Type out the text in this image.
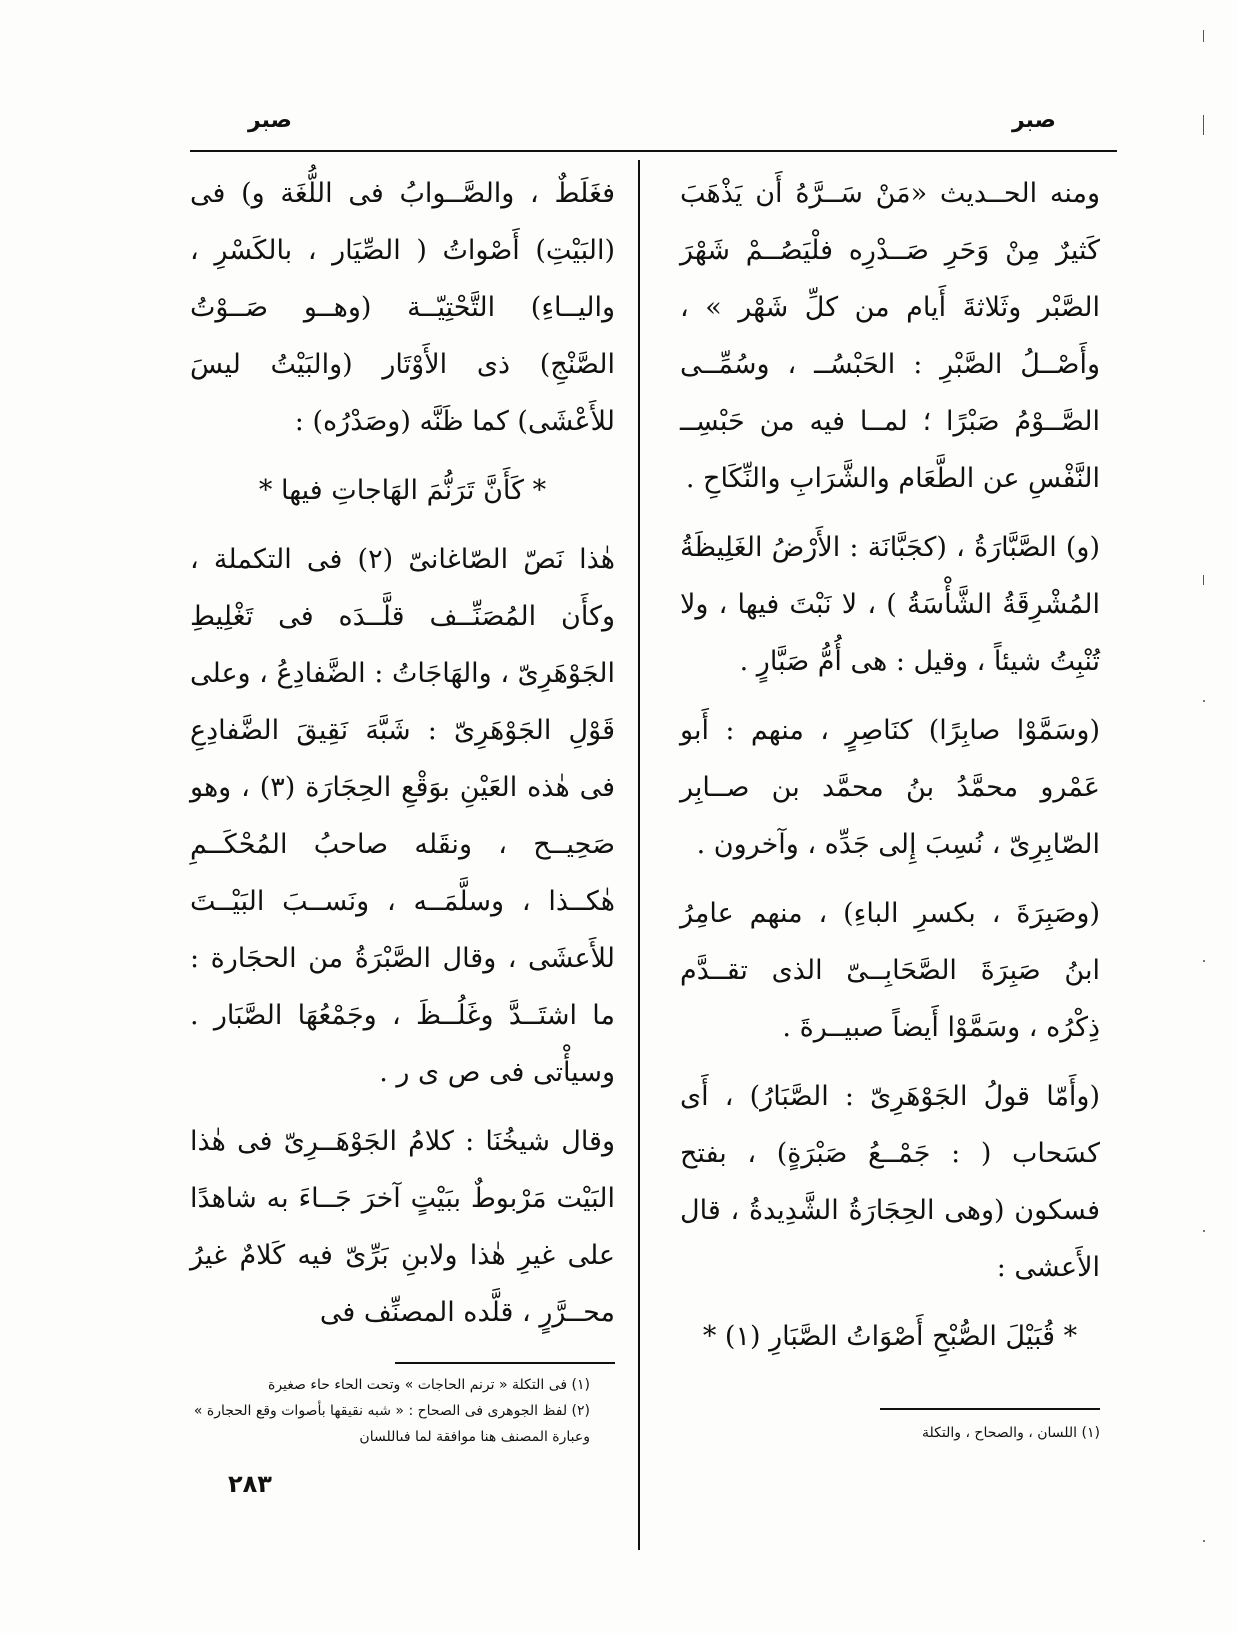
صبر
صبر

ومنه الحــديث «مَنْ سَــرَّهُ أَن يَذْهَبَ كَثيرٌ مِنْ وَحَرِ صَــدْرِه فلْيَصُــمْ شَهْرَ الصَّبْر وثَلاثةَ أَيام من كلِّ شَهْر » ، وأَصْــلُ الصَّبْرِ : الحَبْسُــ ، وسُمِّــى الصَّــوْمُ صَبْرًا ؛ لمــا فيه من حَبْسِــ النَّفْسِ عن الطَّعَام والشَّرَابِ والنِّكَاحِ .

(و) الصَّبَّارَةُ ، (كجَبَّانَة : الأَرْضُ الغَلِيظَةُ المُشْرِقَةُ الشَّأْسَةُ ) ، لا نَبْتَ فيها ، ولا تُنْبِتُ شيئاً ، وقيل : هى أُمُّ صَبَّارٍ .

(وسَمَّوْا صابِرًا) كنَاصِرٍ ، منهم : أَبو عَمْرو محمَّدُ بنُ محمَّد بن صــابِر الصّابِرِىّ ، نُسِبَ إِلى جَدِّه ، وآخرون .

(وصَبِرَةَ ، بكسرِ الباءِ) ، منهم عامِرُ ابنُ صَبِرَةَ الصَّحَابِــىّ الذى تقــدَّم ذِكْرُه ، وسَمَّوْا أَيضاً صبيــرةَ .

(وأَمّا قولُ الجَوْهَرِىّ : الصَّبَارُ) ، أَى كسَحاب ( : جَمْــعُ صَبْرَةٍ) ، بفتح فسكون (وهى الحِجَارَةُ الشَّدِيدةُ ، قال الأَعشى :

* قُبَيْلَ الصُّبْحِ أَصْوَاتُ الصَّبَارِ (١) *

فغَلَطٌ ، والصَّــوابُ فى اللُّغَة و) فى (البَيْتِ) أَصْواتُ ( الصِّيَار ، بالكَسْرِ ، واليــاءِ) التَّحْتِيّــة (وهــو صَــوْتُ الصَّنْجِ) ذى الأَوْتَار (والبَيْتُ ليسَ للأَعْشَى) كما ظَنَّه (وصَدْرُه) :

* كَأَنَّ تَرَنُّمَ الهَاجاتِ فيها *

هٰذا نَصّ الصّاغانىّ (٢) فى التكملة ، وكأَن المُصَنِّــف قلَّــدَه فى تَغْلِيطِ الجَوْهَرِىّ ، والهَاجَاتُ : الضَّفادِعُ ، وعلى قَوْلِ الجَوْهَرِىّ : شَبَّهَ نَقِيقَ الضَّفادِعِ فى هٰذه العَيْنِ بوَقْعِ الحِجَارَة (٣) ، وهو صَحِيــح ، ونقَله صاحبُ المُحْكَــمِ هٰكــذا ، وسلَّمَــه ، ونَســبَ البَيْــتَ للأَعشَى ، وقال الصَّبْرَةُ من الحجَارة : ما اشتَــدَّ وغَلُــظَ ، وجَمْعُهَا الصَّبَار . وسيأْتى فى ص ى ر .

وقال شيخُنَا : كلامُ الجَوْهَــرِىّ فى هٰذا البَيْت مَرْبوطٌ ببَيْتٍ آخرَ جَــاءَ به شاهدًا على غيرِ هٰذا ولابنِ بَرِّىّ فيه كَلامٌ غيرُ محــرَّرٍ ، قلَّده المصنِّف فى

(١) فى التكلة « ترنم الحاجات » وتحت الحاء حاء صغيرة
(٢) لفظ الجوهرى فى الصحاح : « شبه نقيقها بأصوات وقع الحجارة » وعبارة المصنف هنا موافقة لما فىاللسان	(١) اللسان ، والصحاح ، والتكلة
٢٨٣
